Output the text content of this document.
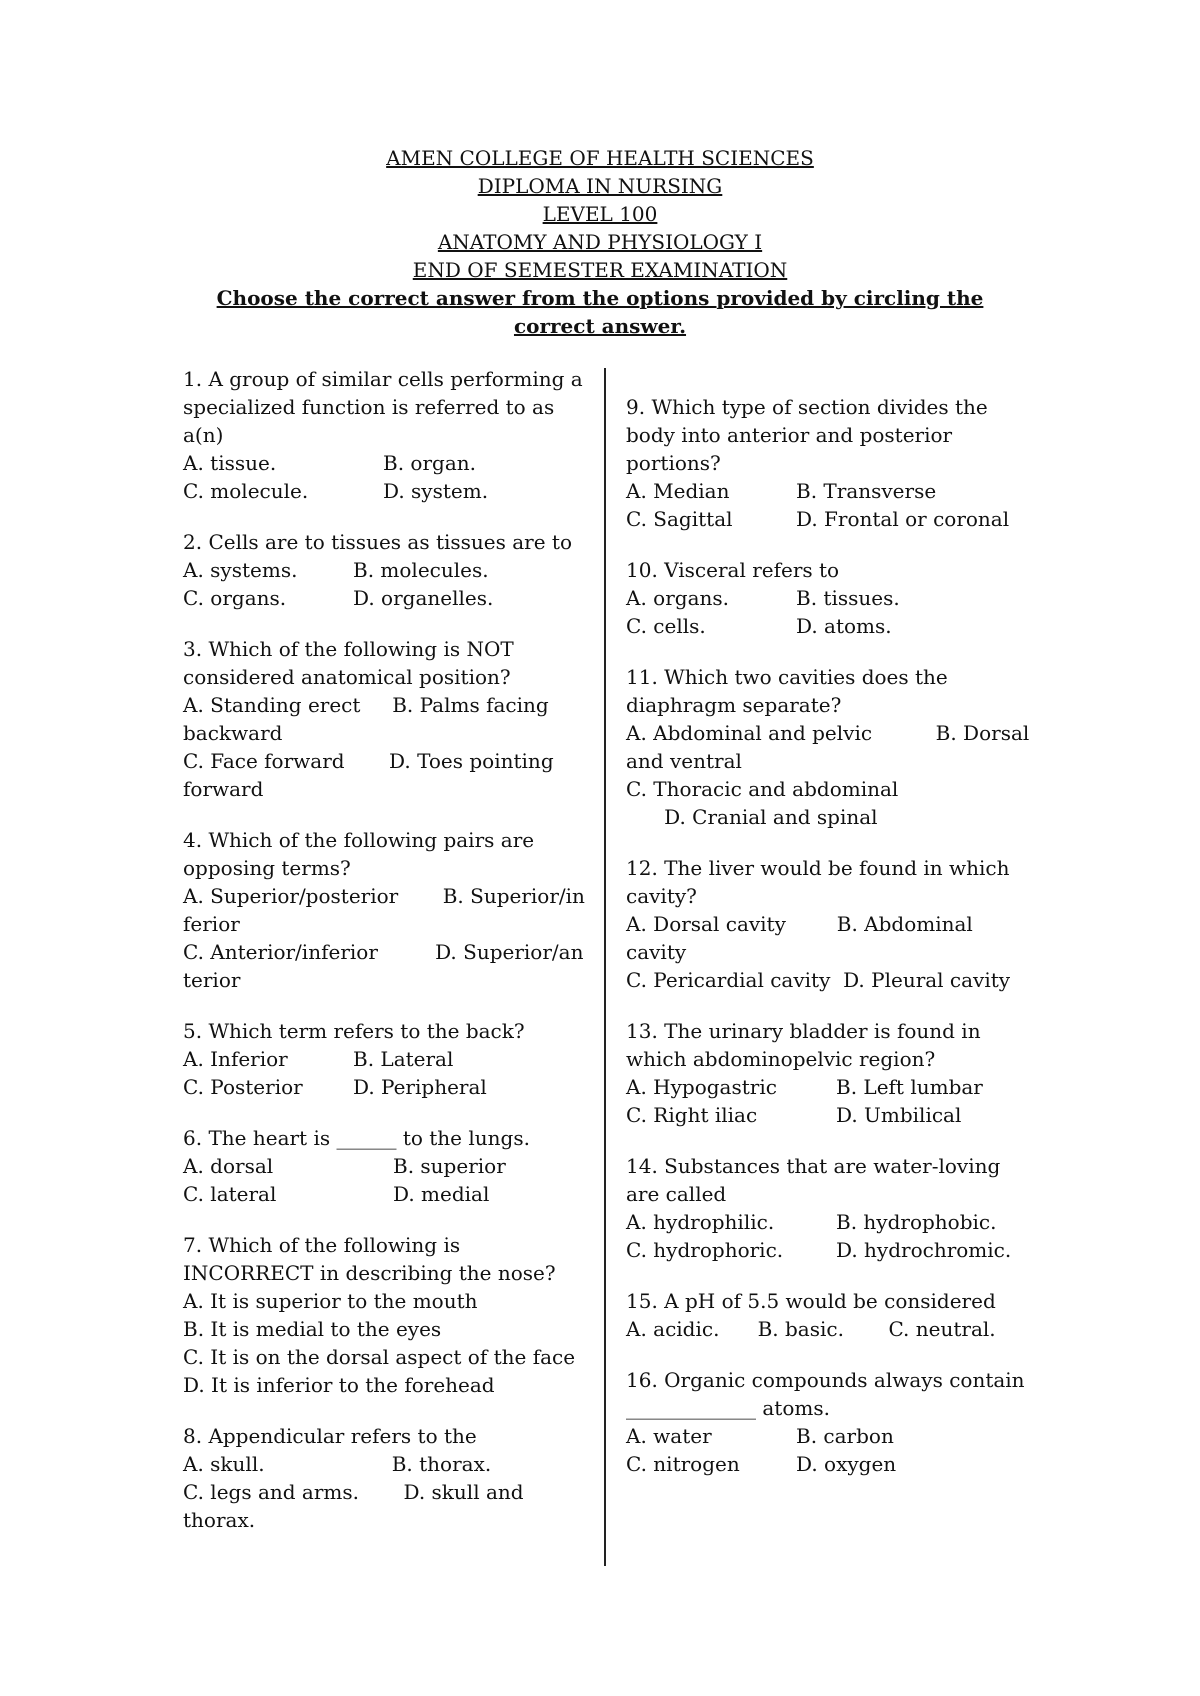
AMEN COLLEGE OF HEALTH SCIENCES
DIPLOMA IN NURSING
LEVEL 100
ANATOMY AND PHYSIOLOGY I
END OF SEMESTER EXAMINATION
Choose the correct answer from the options provided by circling the correct answer.
1. A group of similar cells performing a specialized function is referred to as a(n)
A. tissue.	B. organ.
C. molecule.	D. system.
2. Cells are to tissues as tissues are to
A. systems.	B. molecules.
C. organs.	D. organelles.
3. Which of the following is NOT considered anatomical position?
A. Standing erect     B. Palms facing
backward
C. Face forward       D. Toes pointing
forward
4. Which of the following pairs are opposing terms?
A. Superior/posterior       B. Superior/in
ferior
C. Anterior/inferior         D. Superior/an
terior
5. Which term refers to the back?
A. Inferior	B. Lateral
C. Posterior	D. Peripheral
6. The heart is ______ to the lungs.
A. dorsal	B. superior
C. lateral	D. medial
7. Which of the following is INCORRECT in describing the nose?
A. It is superior to the mouth
B. It is medial to the eyes
C. It is on the dorsal aspect of the face
D. It is inferior to the forehead
8. Appendicular refers to the
A. skull.                    B. thorax.
C. legs and arms.       D. skull and
thorax.
9. Which type of section divides the body into anterior and posterior portions?
A. Median	B. Transverse
C. Sagittal	D. Frontal or coronal
10. Visceral refers to
A. organs.	B. tissues.
C. cells.	D. atoms.
11. Which two cavities does the diaphragm separate?
A. Abdominal and pelvic          B. Dorsal
and ventral
C. Thoracic and abdominal
D. Cranial and spinal
12. The liver would be found in which cavity?
A. Dorsal cavity        B. Abdominal
cavity
C. Pericardial cavity  D. Pleural cavity
13. The urinary bladder is found in which abdominopelvic region?
A. Hypogastric	B. Left lumbar
C. Right iliac	D. Umbilical
14. Substances that are water-loving are called
A. hydrophilic.	B. hydrophobic.
C. hydrophoric.	D. hydrochromic.
15. A pH of 5.5 would be considered
A. acidic.      B. basic.       C. neutral.
16. Organic compounds always contain _____________ atoms.
A. water	B. carbon
C. nitrogen	D. oxygen
